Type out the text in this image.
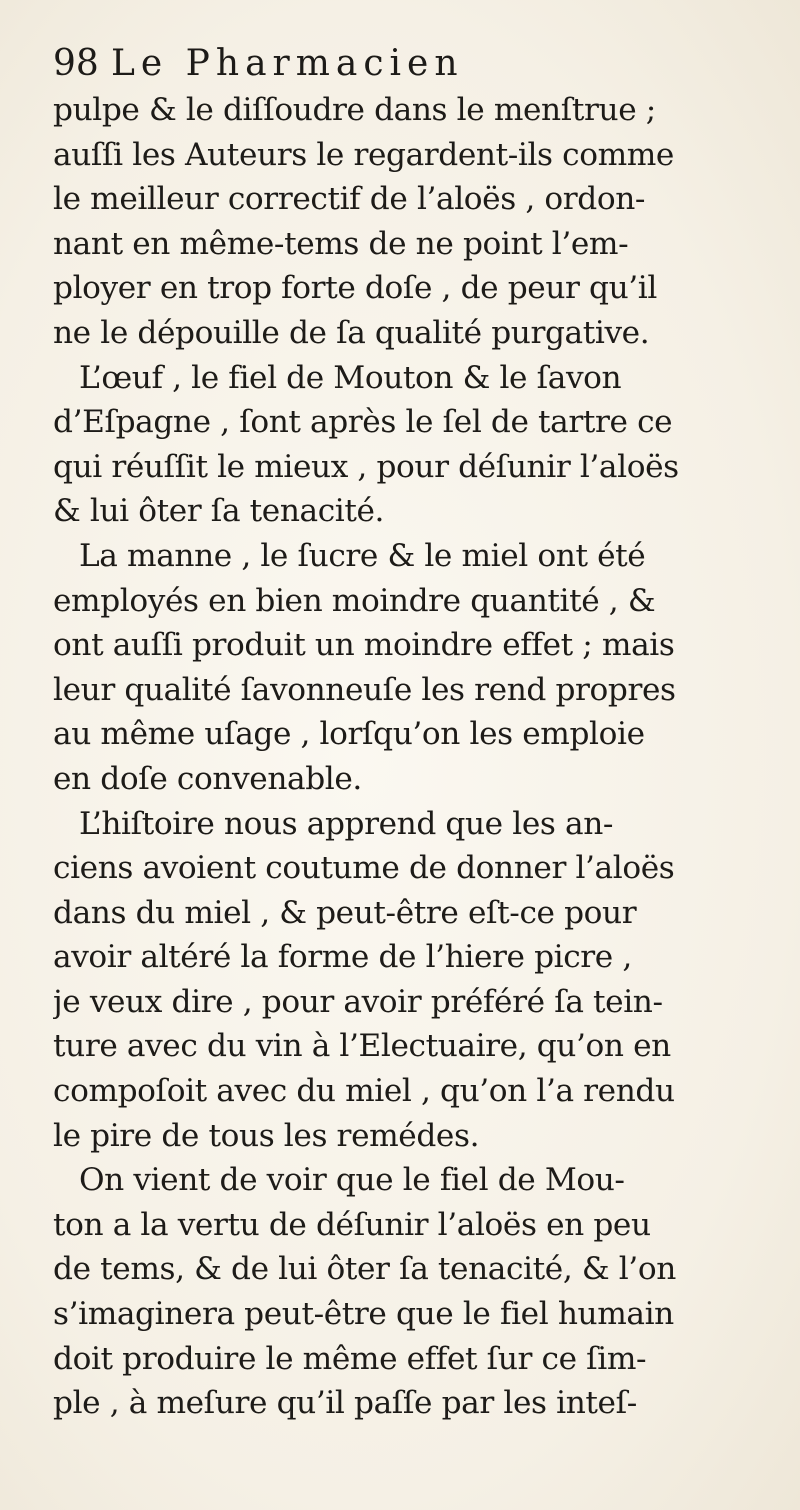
98 Le Pharmacien
pulpe & le diſſoudre dans le menſtrue ;
auſſi les Auteurs le regardent-ils comme
le meilleur correctif de l’aloës , ordon-
nant en même-tems de ne point l’em-
ployer en trop forte doſe , de peur qu’il
ne le dépouille de ſa qualité purgative.
L’œuf , le fiel de Mouton & le ſavon
d’Eſpagne , ſont après le ſel de tartre ce
qui réuſſit le mieux , pour déſunir l’aloës
& lui ôter ſa tenacité.
La manne , le ſucre & le miel ont été
employés en bien moindre quantité , &
ont auſſi produit un moindre effet ; mais
leur qualité ſavonneuſe les rend propres
au même uſage , lorſqu’on les emploie
en doſe convenable.
L’hiſtoire nous apprend que les an-
ciens avoient coutume de donner l’aloës
dans du miel , & peut-être eſt-ce pour
avoir altéré la forme de l’hiere picre ,
je veux dire , pour avoir préféré ſa tein-
ture avec du vin à l’Electuaire, qu’on en
compoſoit avec du miel , qu’on l’a rendu
le pire de tous les remédes.
On vient de voir que le fiel de Mou-
ton a la vertu de déſunir l’aloës en peu
de tems, & de lui ôter ſa tenacité, & l’on
s’imaginera peut-être que le fiel humain
doit produire le même effet ſur ce ſim-
ple , à meſure qu’il paſſe par les inteſ-
